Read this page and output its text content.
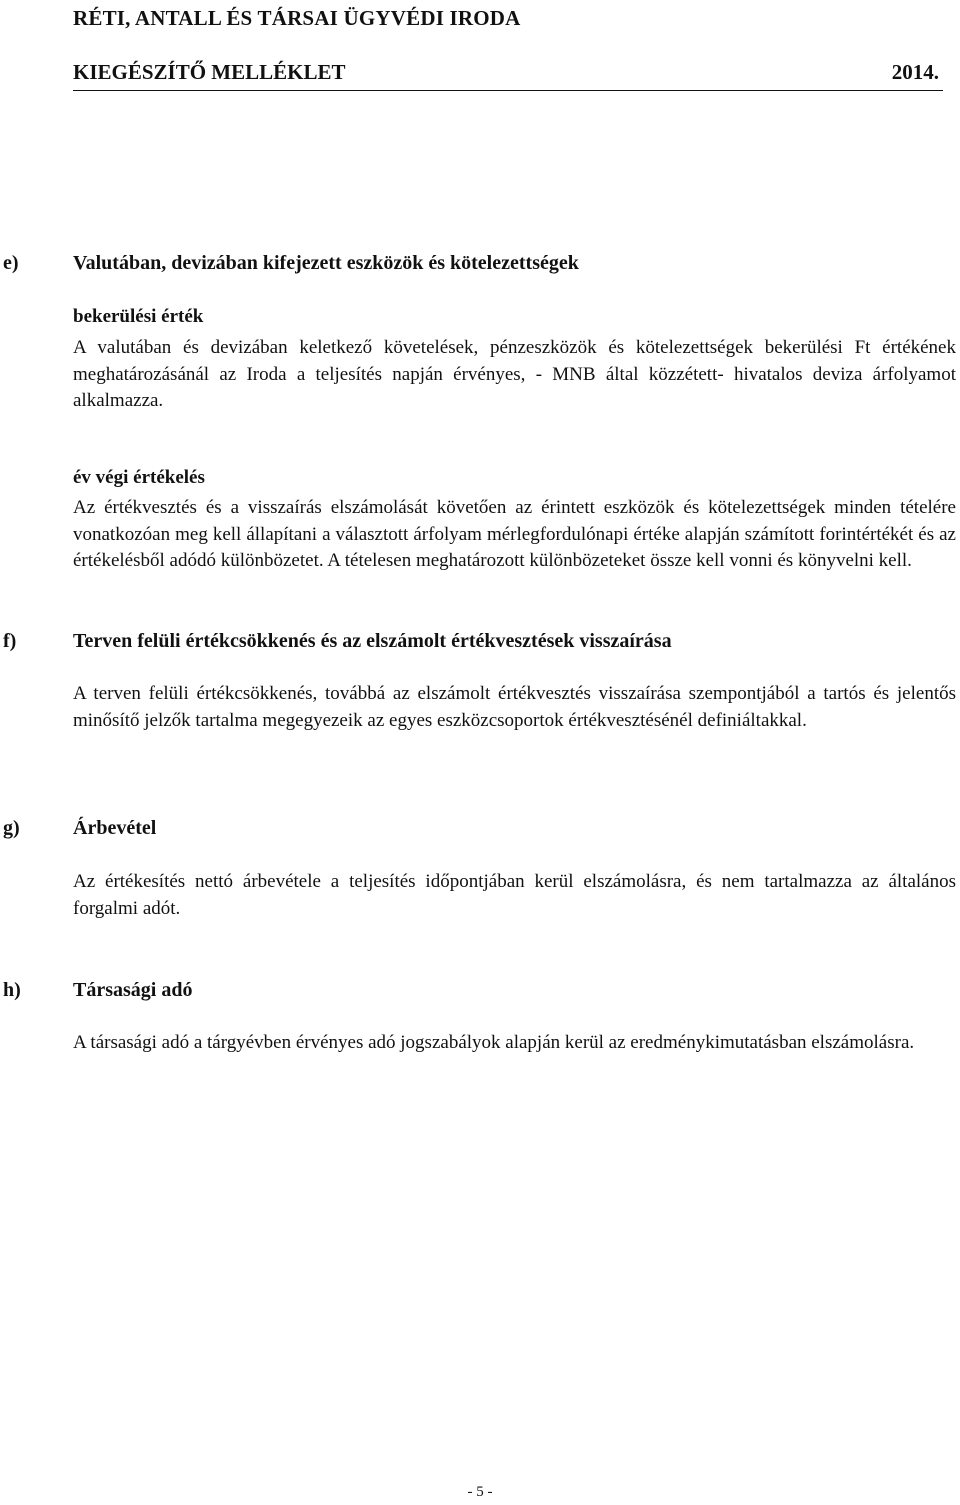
RÉTI, ANTALL ÉS TÁRSAI ÜGYVÉDI IRODA
KIEGÉSZÍTŐ MELLÉKLET	2014.
e)	Valutában, devizában kifejezett eszközök és kötelezettségek
bekerülési érték

A valutában és devizában keletkező követelések, pénzeszközök és kötelezettségek bekerülési Ft értékének meghatározásánál az Iroda a teljesítés napján érvényes, - MNB által közzétett- hivatalos deviza árfolyamot alkalmazza.

év végi értékelés

Az értékvesztés és a visszaírás elszámolását követően az érintett eszközök és kötelezettségek minden tételére vonatkozóan meg kell állapítani a választott árfolyam mérlegfordulónapi értéke alapján számított forintértékét és az értékelésből adódó különbözetet. A tételesen meghatározott különbözeteket össze kell vonni és könyvelni kell.

f)	Terven felüli értékcsökkenés és az elszámolt értékvesztések visszaírása

A terven felüli értékcsökkenés, továbbá az elszámolt értékvesztés visszaírása szempontjából a tartós és jelentős minősítő jelzők tartalma megegyezeik az egyes eszközcsoportok értékvesztésénél definiáltakkal.

g)	Árbevétel

Az értékesítés nettó árbevétele a teljesítés időpontjában kerül elszámolásra, és nem tartalmazza az általános forgalmi adót.

h)	Társasági adó

A társasági adó a tárgyévben érvényes adó jogszabályok alapján kerül az eredménykimutatásban elszámolásra.

- 5 -
